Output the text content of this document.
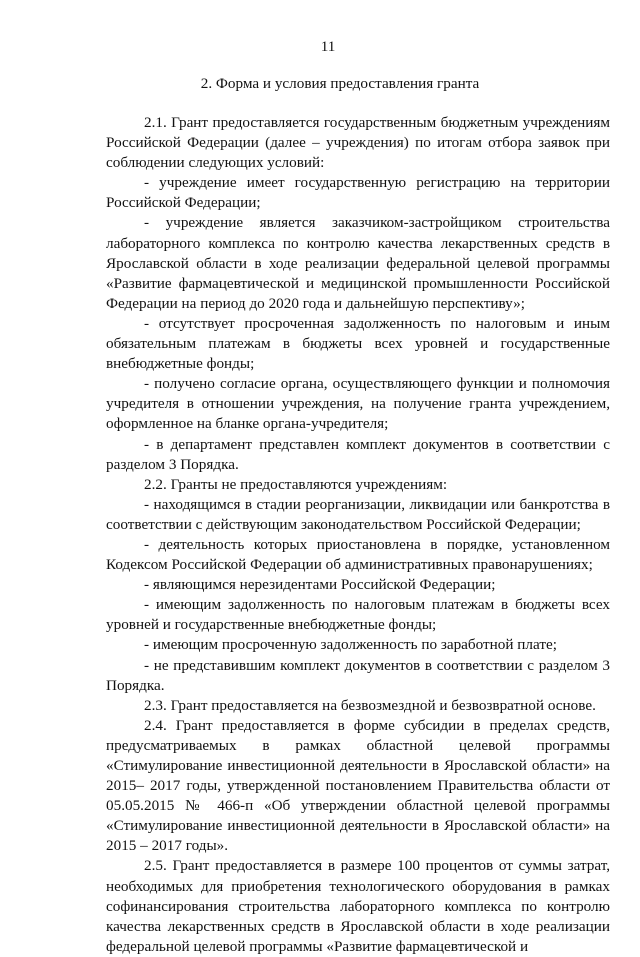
11
2. Форма и условия предоставления гранта

2.1. Грант предоставляется государственным бюджетным учреждениям Российской Федерации (далее – учреждения) по итогам отбора заявок при соблюдении следующих условий:

- учреждение имеет государственную регистрацию на территории Российской Федерации;

- учреждение является заказчиком-застройщиком строительства лабораторного комплекса по контролю качества лекарственных средств в Ярославской области в ходе реализации федеральной целевой программы «Развитие фармацевтической и медицинской промышленности Российской Федерации на период до 2020 года и дальнейшую перспективу»;

- отсутствует просроченная задолженность по налоговым и иным обязательным платежам в бюджеты всех уровней и государственные внебюджетные фонды;

- получено согласие органа, осуществляющего функции и полномочия учредителя в отношении учреждения, на получение гранта учреждением, оформленное на бланке органа-учредителя;

- в департамент представлен комплект документов в соответствии с разделом 3 Порядка.

2.2. Гранты не предоставляются учреждениям:

- находящимся в стадии реорганизации, ликвидации или банкротства в соответствии с действующим законодательством Российской Федерации;

- деятельность которых приостановлена в порядке, установленном Кодексом Российской Федерации об административных правонарушениях;

- являющимся нерезидентами Российской Федерации;

- имеющим задолженность по налоговым платежам в бюджеты всех уровней и государственные внебюджетные фонды;

- имеющим просроченную задолженность по заработной плате;

- не представившим комплект документов в соответствии с разделом 3 Порядка.

2.3. Грант предоставляется на безвозмездной и безвозвратной основе.

2.4. Грант предоставляется в форме субсидии в пределах средств, предусматриваемых в рамках областной целевой программы «Стимулирование инвестиционной деятельности в Ярославской области» на 2015– 2017 годы, утвержденной постановлением Правительства области от 05.05.2015 № 466-п «Об утверждении областной целевой программы «Стимулирование инвестиционной деятельности в Ярославской области» на 2015 – 2017 годы».

2.5. Грант предоставляется в размере 100 процентов от суммы затрат, необходимых для приобретения технологического оборудования в рамках софинансирования строительства лабораторного комплекса по контролю качества лекарственных средств в Ярославской области в ходе реализации федеральной целевой программы «Развитие фармацевтической и
